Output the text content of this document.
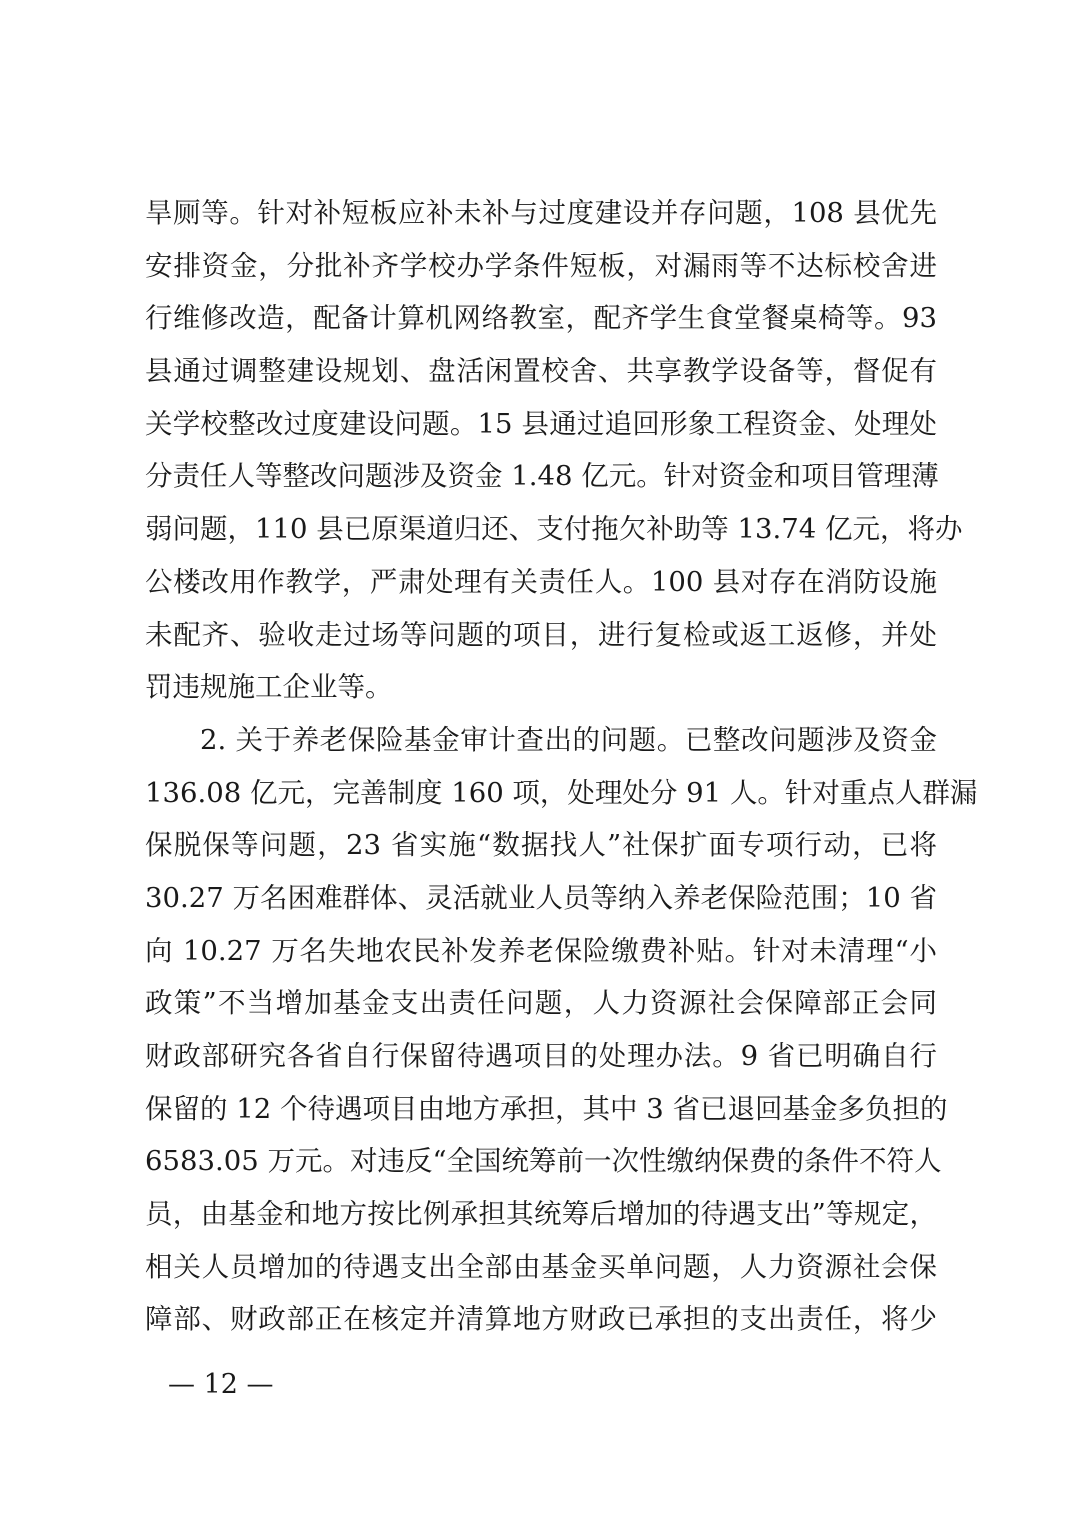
旱厕等。针对补短板应补未补与过度建设并存问题，108 县优先
安排资金，分批补齐学校办学条件短板，对漏雨等不达标校舍进
行维修改造，配备计算机网络教室，配齐学生食堂餐桌椅等。93
县通过调整建设规划、盘活闲置校舍、共享教学设备等，督促有
关学校整改过度建设问题。15 县通过追回形象工程资金、处理处
分责任人等整改问题涉及资金 1.48 亿元。针对资金和项目管理薄
弱问题，110 县已原渠道归还、支付拖欠补助等 13.74 亿元，将办
公楼改用作教学，严肃处理有关责任人。100 县对存在消防设施
未配齐、验收走过场等问题的项目，进行复检或返工返修，并处
罚违规施工企业等。
2. 关于养老保险基金审计查出的问题。已整改问题涉及资金
136.08 亿元，完善制度 160 项，处理处分 91 人。针对重点人群漏
保脱保等问题，23 省实施“数据找人”社保扩面专项行动，已将
30.27 万名困难群体、灵活就业人员等纳入养老保险范围；10 省
向 10.27 万名失地农民补发养老保险缴费补贴。针对未清理“小
政策”不当增加基金支出责任问题，人力资源社会保障部正会同
财政部研究各省自行保留待遇项目的处理办法。9 省已明确自行
保留的 12 个待遇项目由地方承担，其中 3 省已退回基金多负担的
6583.05 万元。对违反“全国统筹前一次性缴纳保费的条件不符人
员，由基金和地方按比例承担其统筹后增加的待遇支出”等规定，
相关人员增加的待遇支出全部由基金买单问题，人力资源社会保
障部、财政部正在核定并清算地方财政已承担的支出责任，将少
— 12 —
